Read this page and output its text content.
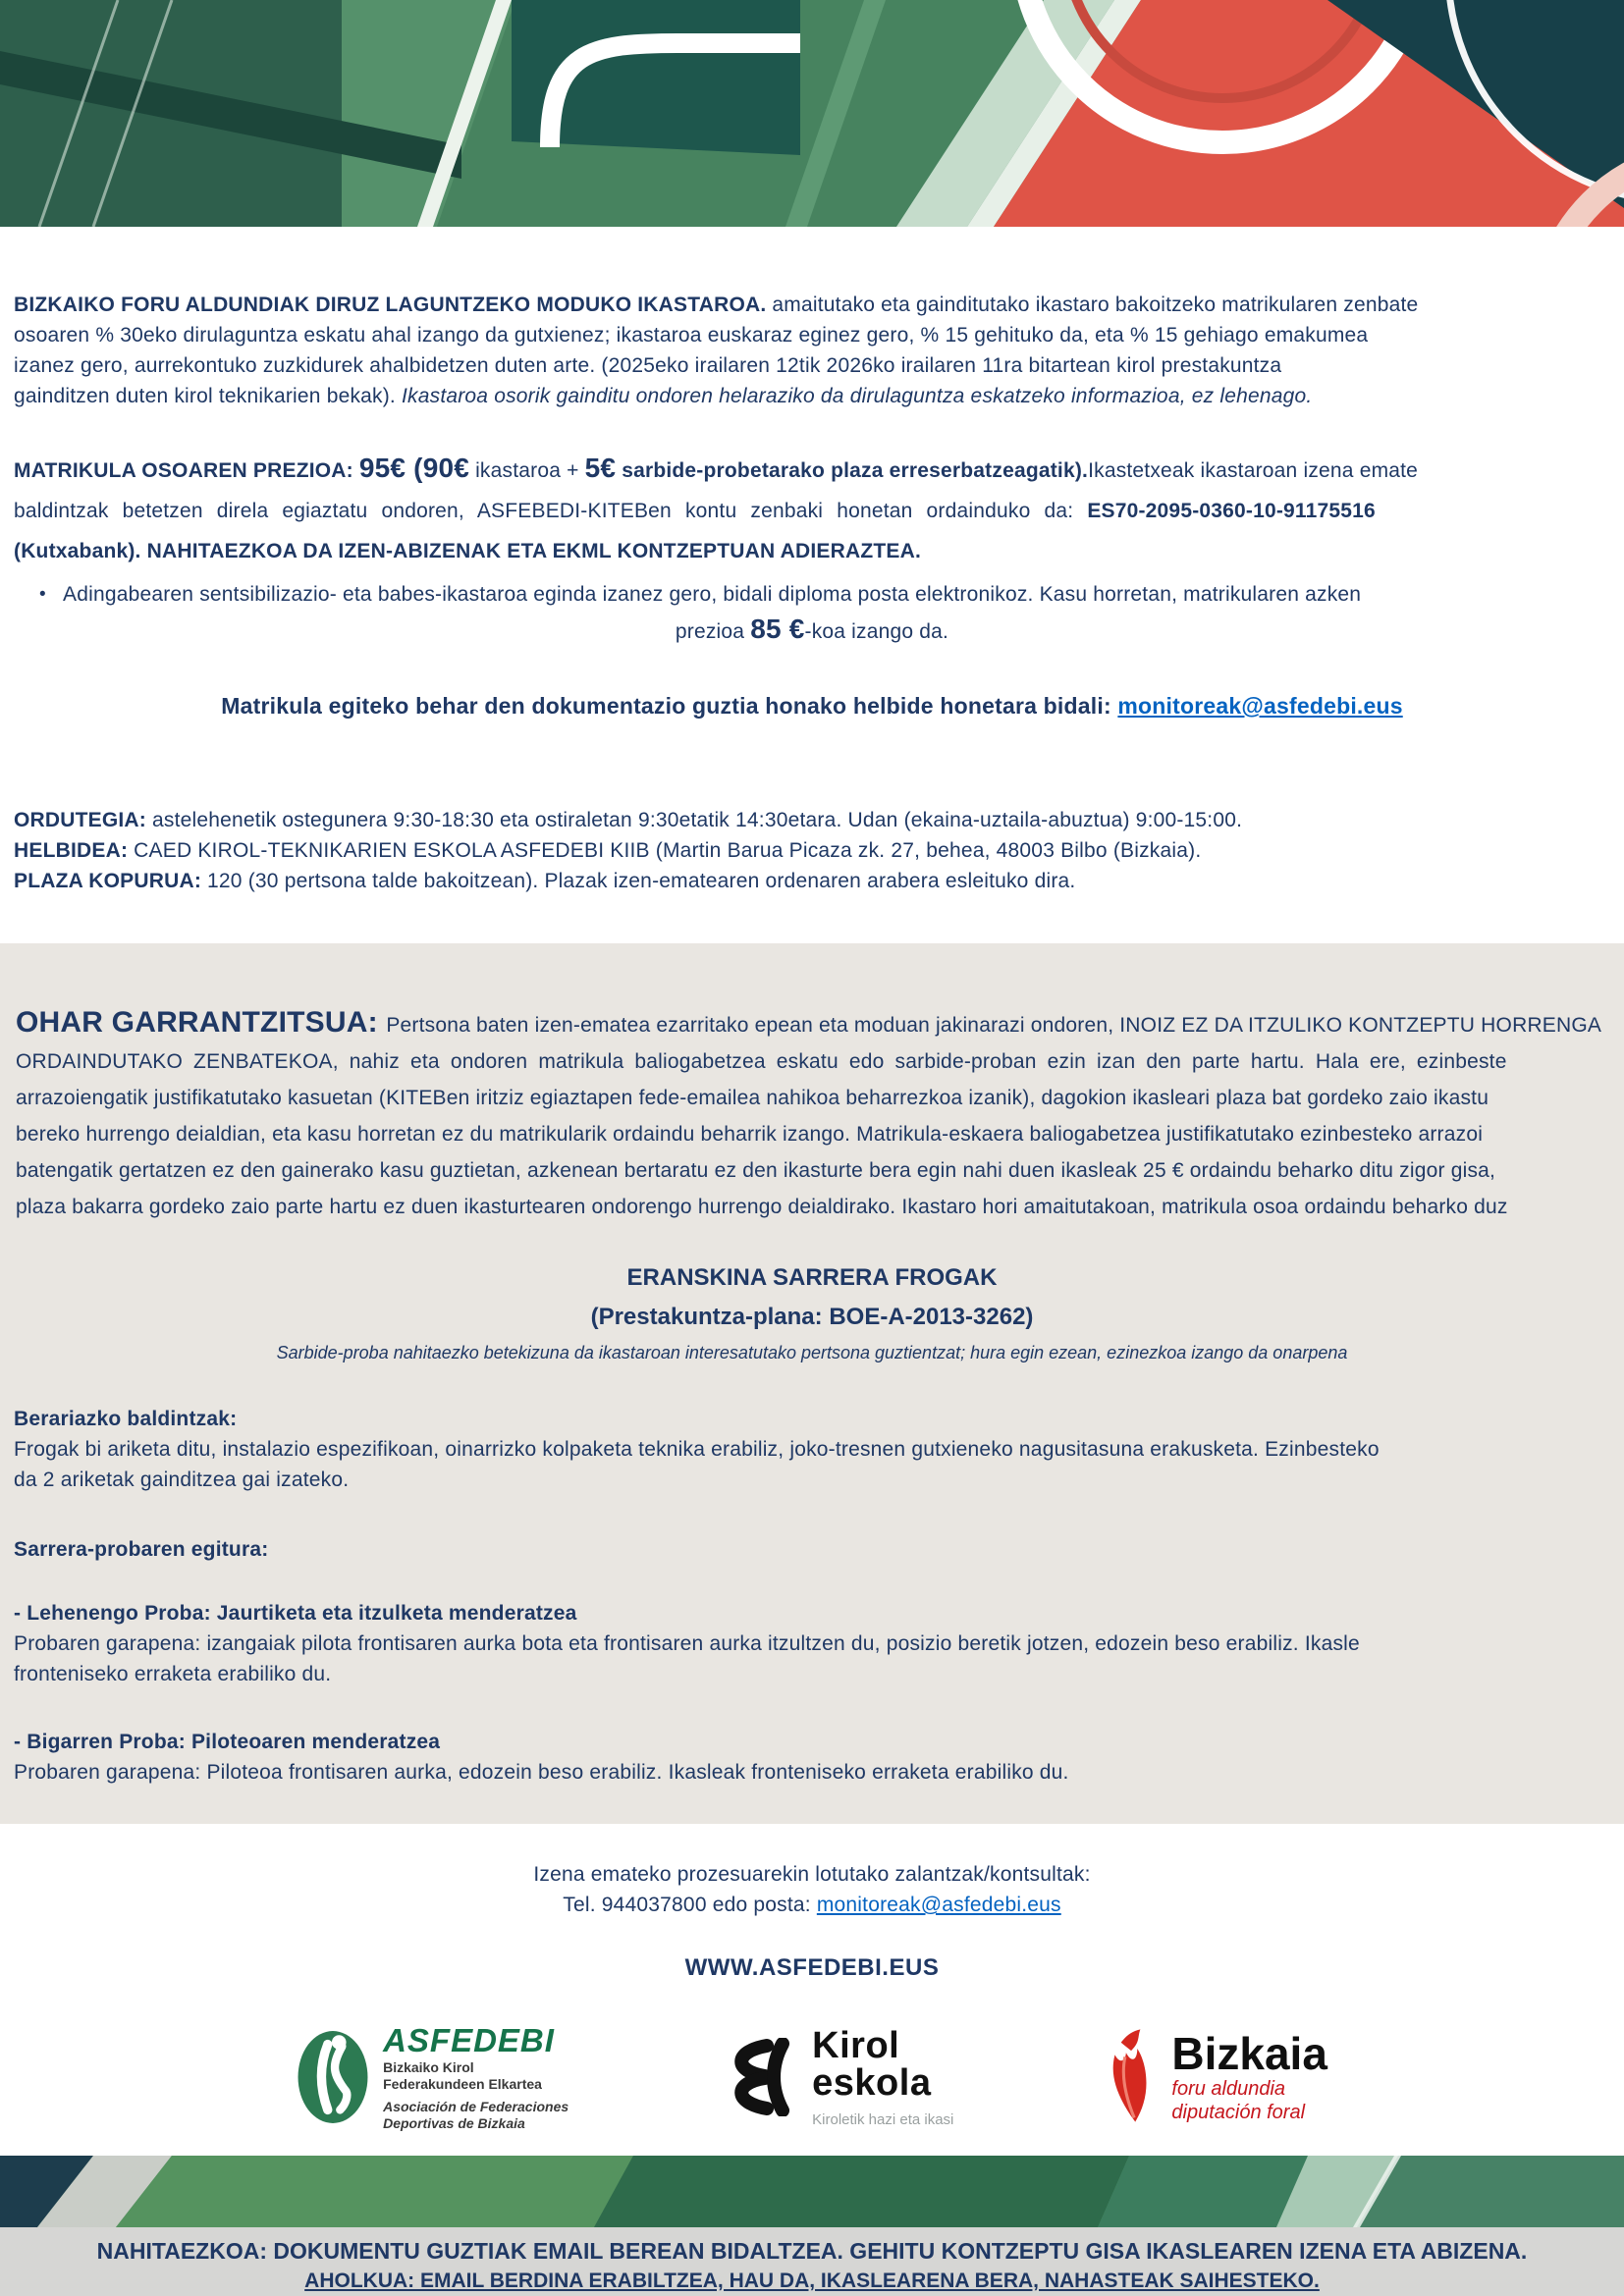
BIZKAIKO FORU ALDUNDIAK DIRUZ LAGUNTZEKO MODUKO IKASTAROA. amaitutako eta gainditutako ikastaro bakoitzeko matrikularen zenbate
osoaren % 30eko dirulaguntza eskatu ahal izango da gutxienez; ikastaroa euskaraz eginez gero, % 15 gehituko da, eta % 15 gehiago emakumea
izanez gero, aurrekontuko zuzkidurek ahalbidetzen duten arte. (2025eko irailaren 12tik 2026ko irailaren 11ra bitartean kirol prestakuntza
gainditzen duten kirol teknikarien bekak). Ikastaroa osorik gainditu ondoren helaraziko da dirulaguntza eskatzeko informazioa, ez lehenago.
MATRIKULA OSOAREN PREZIOA: 95€ (90€ ikastaroa + 5€ sarbide-probetarako plaza erreserbatzeagatik).Ikastetxeak ikastaroan izena emate
baldintzak betetzen direla egiaztatu ondoren, ASFEBEDI-KITEBen kontu zenbaki honetan ordainduko da: ES70-2095-0360-10-91175516
(Kutxabank). NAHITAEZKOA DA IZEN-ABIZENAK ETA EKML KONTZEPTUAN ADIERAZTEA.
• Adingabearen sentsibilizazio- eta babes-ikastaroa eginda izanez gero, bidali diploma posta elektronikoz. Kasu horretan, matrikularen azken
prezioa 85 €-koa izango da.
Matrikula egiteko behar den dokumentazio guztia honako helbide honetara bidali: monitoreak@asfedebi.eus
ORDUTEGIA: astelehenetik ostegunera 9:30-18:30 eta ostiraletan 9:30etatik 14:30etara. Udan (ekaina-uztaila-abuztua) 9:00-15:00.
HELBIDEA: CAED KIROL-TEKNIKARIEN ESKOLA ASFEDEBI KIIB (Martin Barua Picaza zk. 27, behea, 48003 Bilbo (Bizkaia).
PLAZA KOPURUA: 120 (30 pertsona talde bakoitzean). Plazak izen-ematearen ordenaren arabera esleituko dira.
OHAR GARRANTZITSUA: Pertsona baten izen-ematea ezarritako epean eta moduan jakinarazi ondoren, INOIZ EZ DA ITZULIKO KONTZEPTU HORRENGA
ORDAINDUTAKO ZENBATEKOA, nahiz eta ondoren matrikula baliogabetzea eskatu edo sarbide-proban ezin izan den parte hartu. Hala ere, ezinbeste
arrazoiengatik justifikatutako kasuetan (KITEBen iritziz egiaztapen fede-emailea nahikoa beharrezkoa izanik), dagokion ikasleari plaza bat gordeko zaio ikastu
bereko hurrengo deialdian, eta kasu horretan ez du matrikularik ordaindu beharrik izango. Matrikula-eskaera baliogabetzea justifikatutako ezinbesteko arrazoi
batengatik gertatzen ez den gainerako kasu guztietan, azkenean bertaratu ez den ikasturte bera egin nahi duen ikasleak 25 € ordaindu beharko ditu zigor gisa,
plaza bakarra gordeko zaio parte hartu ez duen ikasturtearen ondorengo hurrengo deialdirako. Ikastaro hori amaitutakoan, matrikula osoa ordaindu beharko duz
ERANSKINA SARRERA FROGAK
(Prestakuntza-plana: BOE-A-2013-3262)
Sarbide-proba nahitaezko betekizuna da ikastaroan interesatutako pertsona guztientzat; hura egin ezean, ezinezkoa izango da onarpena
Berariazko baldintzak:
Frogak bi ariketa ditu, instalazio espezifikoan, oinarrizko kolpaketa teknika erabiliz, joko-tresnen gutxieneko nagusitasuna erakusketa. Ezinbesteko
da 2 ariketak gainditzea gai izateko.
Sarrera-probaren egitura:
- Lehenengo Proba: Jaurtiketa eta itzulketa menderatzea
Probaren garapena: izangaiak pilota frontisaren aurka bota eta frontisaren aurka itzultzen du, posizio beretik jotzen, edozein beso erabiliz. Ikasle
fronteniseko erraketa erabiliko du.
- Bigarren Proba: Piloteoaren menderatzea
Probaren garapena: Piloteoa frontisaren aurka, edozein beso erabiliz. Ikasleak fronteniseko erraketa erabiliko du.
Izena emateko prozesuarekin lotutako zalantzak/kontsultak:
Tel. 944037800 edo posta: monitoreak@asfedebi.eus
WWW.ASFEDEBI.EUS
ASFEDEBI
Bizkaiko Kirol
Federakundeen Elkartea
Asociación de Federaciones
Deportivas de Bizkaia
Kirol
eskola
Kiroletik hazi eta ikasi
Bizkaia
foru aldundia
diputación foral
NAHITAEZKOA: DOKUMENTU GUZTIAK EMAIL BEREAN BIDALTZEA. GEHITU KONTZEPTU GISA IKASLEAREN IZENA ETA ABIZENA.
AHOLKUA: EMAIL BERDINA ERABILTZEA, HAU DA, IKASLEARENA BERA, NAHASTEAK SAIHESTEKO.
